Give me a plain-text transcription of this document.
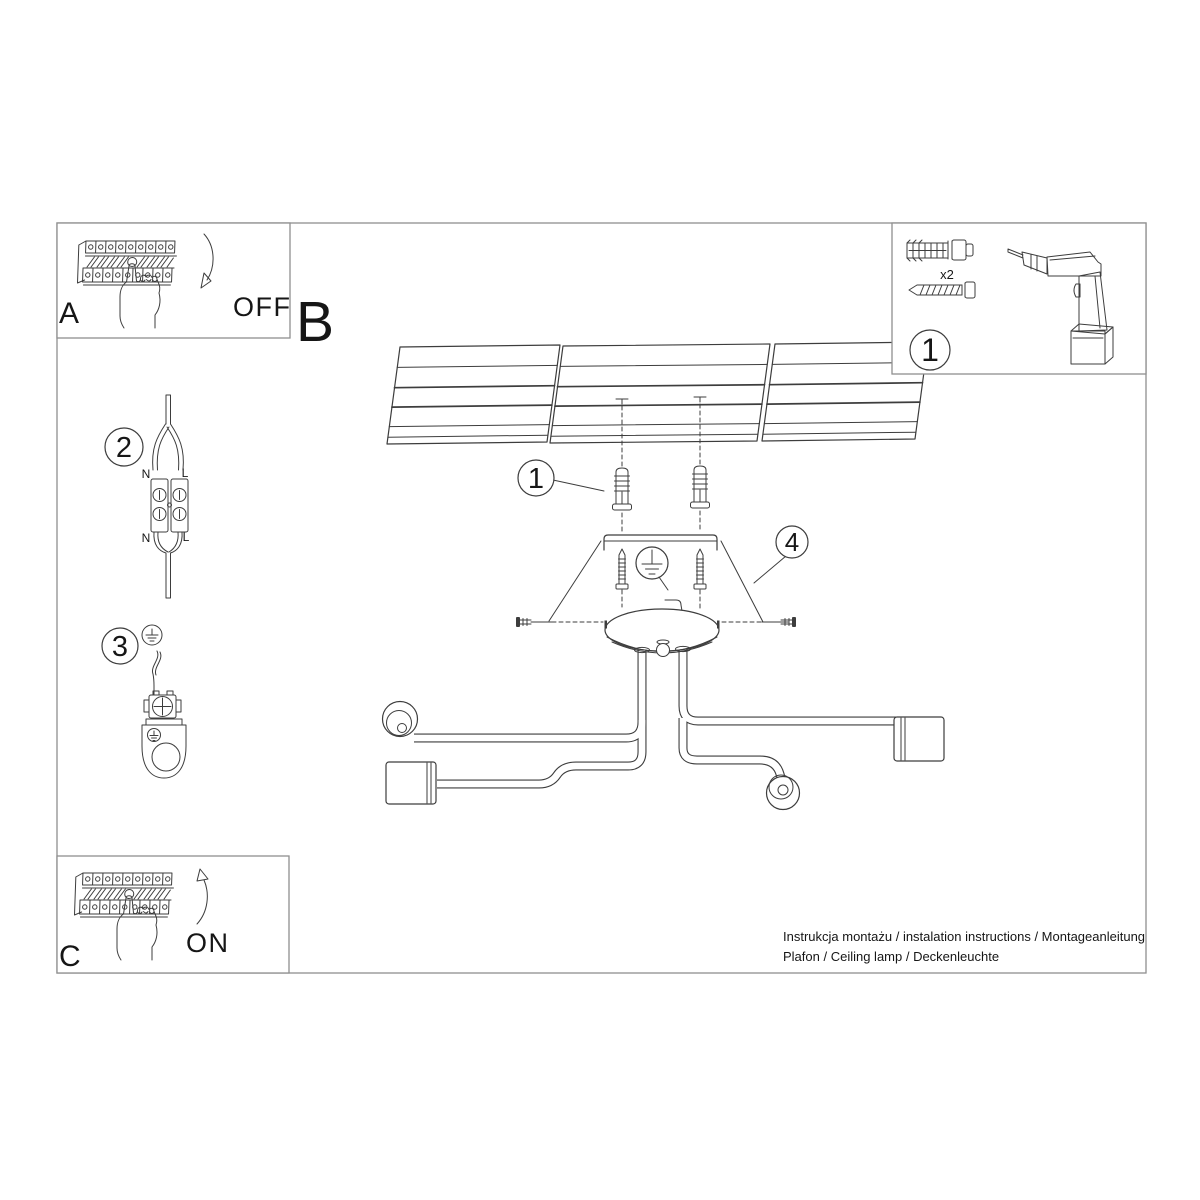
B
1
4
2
N	L
N	L
3
A	OFF
C	ON
x2
1
Instrukcja montażu / instalation instructions / Montageanleitung
Plafon / Ceiling lamp / Deckenleuchte
